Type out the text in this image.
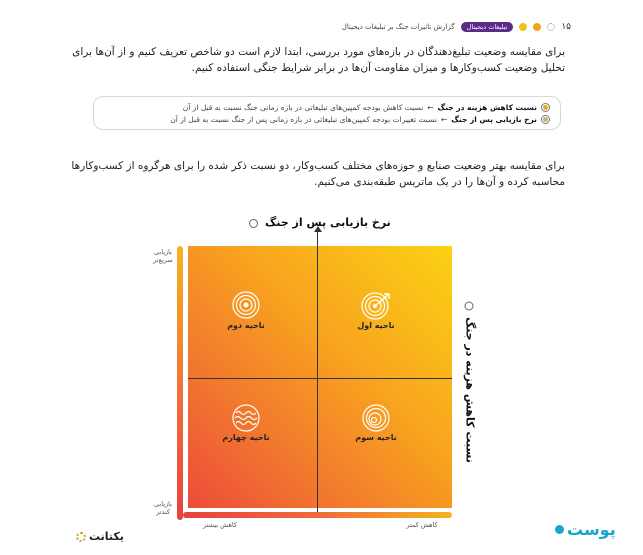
۱۵
تبلیغات دیجیتال
گزارش تاثیرات جنگ بر تبلیغات دیجیتال

برای مقایسه وضعیت تبلیغ‌دهندگان در بازه‌های مورد بررسی، ابتدا لازم است دو شاخص تعریف کنیم و از آن‌ها برای تحلیل وضعیت کسب‌وکارها و میزان مقاومت آن‌ها در برابر شرایط جنگی استفاده کنیم.

نسبت کاهش هزینه در جنگ
←
نسبت کاهش بودجه کمپین‌های تبلیغاتی در بازه زمانی جنگ نسبت به قبل از آن
نرخ بازیابی پس از جنگ
←
نسبت تغییرات بودجه کمپین‌های تبلیغاتی در بازه زمانی پس از جنگ نسبت به قبل از آن

برای مقایسه بهتر وضعیت صنایع و حوزه‌های مختلف کسب‌وکار، دو نسبت ذکر شده را برای هرگروه از کسب‌وکارها محاسبه کرده و آن‌ها را در یک ماتریس طبقه‌بندی می‌کنیم.

نرخ بازیابی پس از جنگ
نسبت کاهش هزینه در جنگ
بازیابی سریع‌تر
بازیابی کندتر
کاهش بیشتر	کاهش کمتر
ناحیه دوم	ناحیه اول
ناحیه چهارم	ناحیه سوم
یکتانت	پوست
